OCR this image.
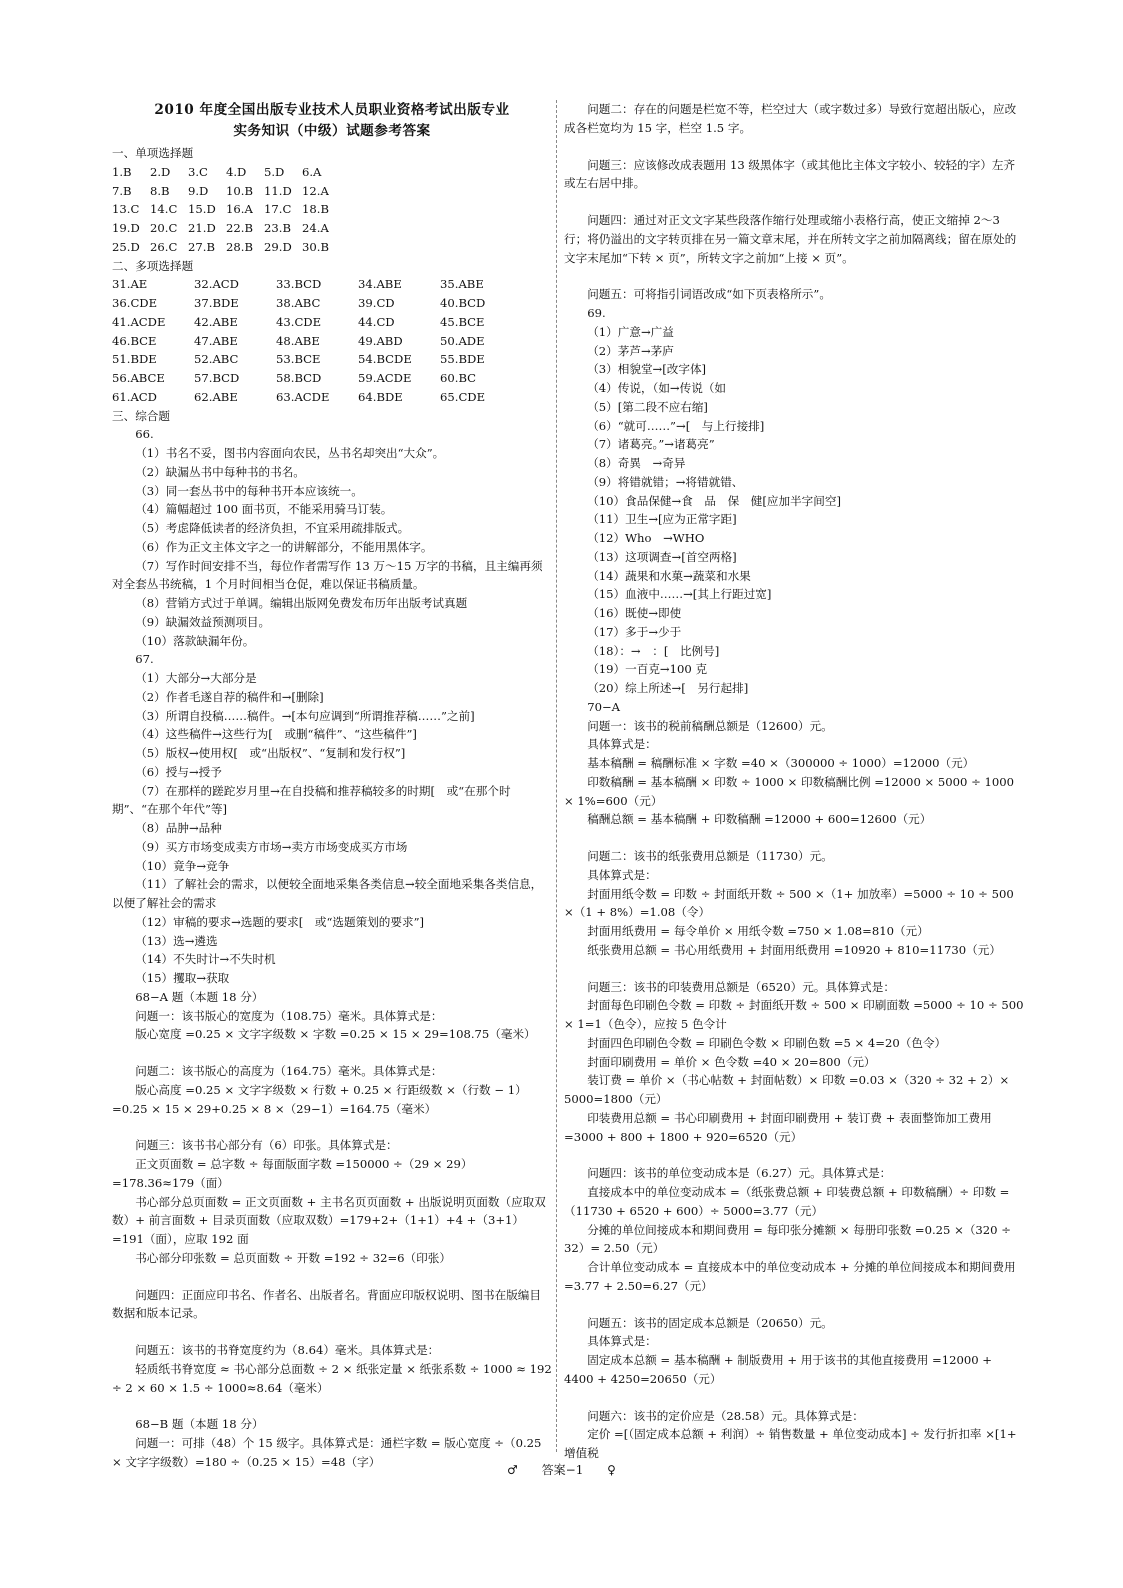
2010 年度全国出版专业技术人员职业资格考试出版专业
实务知识（中级）试题参考答案
一、单项选择题
1.B	2.D	3.C	4.D	5.D	6.A
7.B	8.B	9.D	10.B 11.D 12.A
13.C 14.C 15.D 16.A 17.C 18.B
19.D 20.C 21.D 22.B 23.B 24.A
25.D 26.C 27.B 28.B 29.D 30.B
二、多项选择题
31.AE	32.ACD	33.BCD	34.ABE	35.ABE
36.CDE	37.BDE	38.ABC	39.CD	40.BCD
41.ACDE	42.ABE	43.CDE	44.CD	45.BCE
46.BCE	47.ABE	48.ABE	49.ABD	50.ADE
51.BDE	52.ABC	53.BCE	54.BCDE	55.BDE
56.ABCE	57.BCD	58.BCD	59.ACDE	60.BC
61.ACD	62.ABE	63.ACDE	64.BDE	65.CDE
三、综合题
66.
（1）书名不妥，图书内容面向农民，丛书名却突出“大众”。
（2）缺漏丛书中每种书的书名。
（3）同一套丛书中的每种书开本应该统一。
（4）篇幅超过 100 面书页，不能采用骑马订装。
（5）考虑降低读者的经济负担，不宜采用疏排版式。
（6）作为正文主体文字之一的讲解部分，不能用黑体字。
（7）写作时间安排不当，每位作者需写作 13 万～15 万字的书稿，且主编再须对全套丛书统稿，1 个月时间相当仓促，难以保证书稿质量。
（8）营销方式过于单调。编辑出版网免费发布历年出版考试真题
（9）缺漏效益预测项目。
（10）落款缺漏年份。
67.
（1）大部分→大部分是
（2）作者毛遂自荐的稿件和→[删除]
（3）所谓自投稿……稿件。→[本句应调到“所谓推荐稿……”之前]
（4）这些稿件→这些行为[　或删“稿件”、“这些稿件”]
（5）版权→使用权[　或“出版权”、“复制和发行权”]
（6）授与→授予
（7）在那样的蹉跎岁月里→在自投稿和推荐稿较多的时期[　或“在那个时期”、“在那个年代”等]
（8）品肿→品种
（9）买方市场变成卖方市场→卖方市场变成买方市场
（10）竟争→竞争
（11）了解社会的需求，以便较全面地采集各类信息→较全面地采集各类信息，以便了解社会的需求
（12）审稿的要求→选题的要求[　或“选题策划的要求”]
（13）选→遴选
（14）不失时计→不失时机
（15）攫取→获取
68−A 题（本题 18 分）
问题一：该书版心的宽度为（108.75）毫米。具体算式是：
版心宽度 =0.25 × 文字字级数 × 字数 =0.25 × 15 × 29=108.75（毫米）
问题二：该书版心的高度为（164.75）毫米。具体算式是：
版心高度 =0.25 × 文字字级数 × 行数 + 0.25 × 行距级数 ×（行数 − 1）=0.25 × 15 × 29+0.25 × 8 ×（29−1）=164.75（毫米）
问题三：该书书心部分有（6）印张。具体算式是：
正文页面数 = 总字数 ÷ 每面版面字数 =150000 ÷（29 × 29）=178.36≈179（面）
书心部分总页面数 = 正文页面数 + 主书名页页面数 + 出版说明页面数（应取双数）+ 前言面数 + 目录页面数（应取双数）=179+2+（1+1）+4 +（3+1）=191（面），应取 192 面
书心部分印张数 = 总页面数 ÷ 开数 =192 ÷ 32=6（印张）
问题四：正面应印书名、作者名、出版者名。背面应印版权说明、图书在版编目数据和版本记录。
问题五：该书的书脊宽度约为（8.64）毫米。具体算式是：
轻质纸书脊宽度 ≈ 书心部分总面数 ÷ 2 × 纸张定量 × 纸张系数 ÷ 1000 ≈ 192 ÷ 2 × 60 × 1.5 ÷ 1000≈8.64（毫米）
68−B 题（本题 18 分）
问题一：可排（48）个 15 级字。具体算式是：通栏字数 = 版心宽度 ÷（0.25 × 文字字级数）=180 ÷（0.25 × 15）=48（字）
问题二：存在的问题是栏宽不等，栏空过大（或字数过多）导致行宽超出版心，应改成各栏宽均为 15 字，栏空 1.5 字。
问题三：应该修改成表题用 13 级黑体字（或其他比主体文字较小、较轻的字）左齐或左右居中排。
问题四：通过对正文文字某些段落作缩行处理或缩小表格行高，使正文缩掉 2～3 行；将仍溢出的文字转页排在另一篇文章末尾，并在所转文字之前加隔离线；留在原处的文字末尾加“下转 × 页”，所转文字之前加“上接 × 页”。
问题五：可将指引词语改成“如下页表格所示”。
69.
（1）广意→广益
（2）茅芦→茅庐
（3）相貌堂→[改字体]
（4）传说，（如→传说（如
（5）[第二段不应右缩]
（6）“就可……”→[　与上行接排]
（7）诸葛亮。”→诸葛亮”
（8）奇異　→奇异
（9）将错就错；→将错就错、
（10）食品保健→食　品　保　健[应加半字间空]
（11）卫生→[应为正常字距]
（12）Who　→WHO
（13）这项调查→[首空两格]
（14）蔬果和水菓→蔬菜和水果
（15）血液中……→[其上行距过宽]
（16）既使→即使
（17）多于→少于
（18）：→　：[　比例号]
（19）一百克→100 克
（20）综上所述→[　另行起排]
70−A
问题一：该书的税前稿酬总额是（12600）元。
具体算式是：
基本稿酬 = 稿酬标准 × 字数 =40 ×（300000 ÷ 1000）=12000（元）
印数稿酬 = 基本稿酬 × 印数 ÷ 1000 × 印数稿酬比例 =12000 × 5000 ÷ 1000 × 1%=600（元）
稿酬总额 = 基本稿酬 + 印数稿酬 =12000 + 600=12600（元）
问题二：该书的纸张费用总额是（11730）元。
具体算式是：
封面用纸令数 = 印数 ÷ 封面纸开数 ÷ 500 ×（1+ 加放率）=5000 ÷ 10 ÷ 500 ×（1 + 8%）=1.08（令）
封面用纸费用 = 每令单价 × 用纸令数 =750 × 1.08=810（元）
纸张费用总额 = 书心用纸费用 + 封面用纸费用 =10920 + 810=11730（元）
问题三：该书的印装费用总额是（6520）元。具体算式是：
封面每色印刷色令数 = 印数 ÷ 封面纸开数 ÷ 500 × 印刷面数 =5000 ÷ 10 ÷ 500 × 1=1（色令），应按 5 色令计
封面四色印刷色令数 = 印刷色令数 × 印刷色数 =5 × 4=20（色令）
封面印刷费用 = 单价 × 色令数 =40 × 20=800（元）
装订费 = 单价 ×（书心帖数 + 封面帖数）× 印数 =0.03 ×（320 ÷ 32 + 2）× 5000=1800（元）
印装费用总额 = 书心印刷费用 + 封面印刷费用 + 装订费 + 表面整饰加工费用 =3000 + 800 + 1800 + 920=6520（元）
问题四：该书的单位变动成本是（6.27）元。具体算式是：
直接成本中的单位变动成本 =（纸张费总额 + 印装费总额 + 印数稿酬）÷ 印数 =（11730 + 6520 + 600）÷ 5000=3.77（元）
分摊的单位间接成本和期间费用 = 每印张分摊额 × 每册印张数 =0.25 ×（320 ÷ 32）= 2.50（元）
合计单位变动成本 = 直接成本中的单位变动成本 + 分摊的单位间接成本和期间费用 =3.77 + 2.50=6.27（元）
问题五：该书的固定成本总额是（20650）元。
具体算式是：
固定成本总额 = 基本稿酬 + 制版费用 + 用于该书的其他直接费用 =12000 + 4400 + 4250=20650（元）
问题六：该书的定价应是（28.58）元。具体算式是：
定价 =[（固定成本总额 + 利润）÷ 销售数量 + 单位变动成本] ÷ 发行折扣率 ×[1+ 增值税
♂ 答案−1 ♀
